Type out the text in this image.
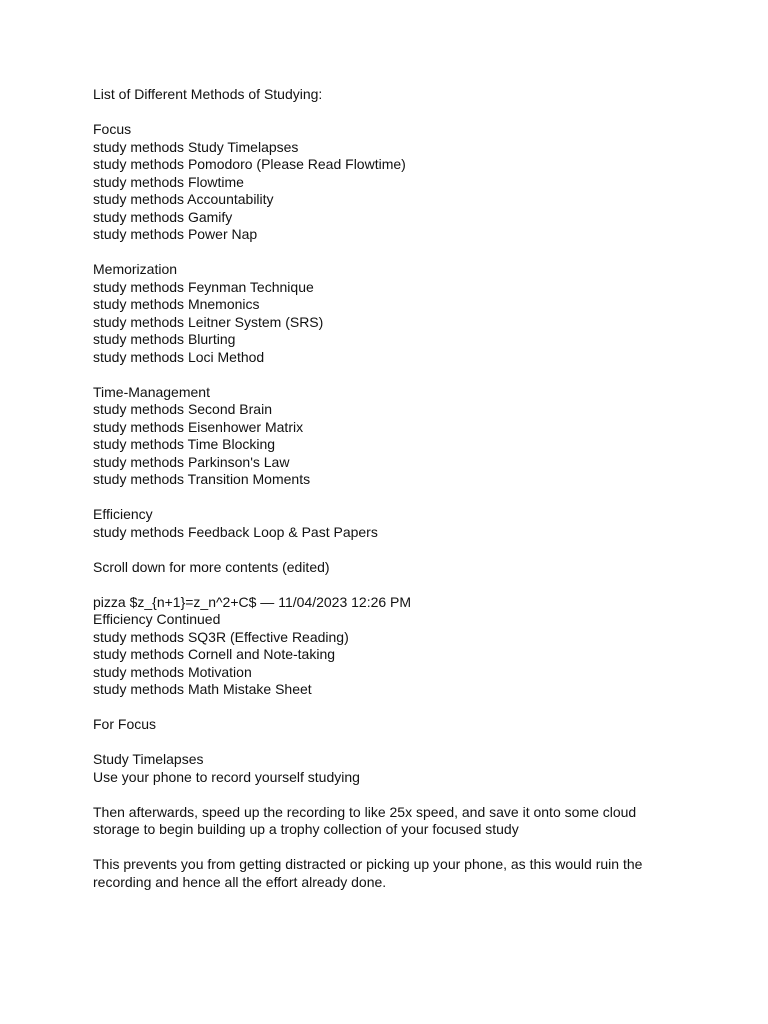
List of Different Methods of Studying:

Focus

study methods Study Timelapses

study methods Pomodoro (Please Read Flowtime)

study methods Flowtime

study methods Accountability

study methods Gamify

study methods Power Nap

Memorization

study methods Feynman Technique

study methods Mnemonics

study methods Leitner System (SRS)

study methods Blurting

study methods Loci Method

Time-Management

study methods Second Brain

study methods Eisenhower Matrix

study methods Time Blocking

study methods Parkinson's Law

study methods Transition Moments

Efficiency

study methods Feedback Loop & Past Papers

Scroll down for more contents (edited)

pizza $z_{n+1}=z_n^2+C$ — 11/04/2023 12:26 PM

Efficiency Continued

study methods SQ3R (Effective Reading)

study methods Cornell and Note-taking

study methods Motivation

study methods Math Mistake Sheet

For Focus

Study Timelapses

Use your phone to record yourself studying

Then afterwards, speed up the recording to like 25x speed, and save it onto some cloud storage to begin building up a trophy collection of your focused study

This prevents you from getting distracted or picking up your phone, as this would ruin the recording and hence all the effort already done.
